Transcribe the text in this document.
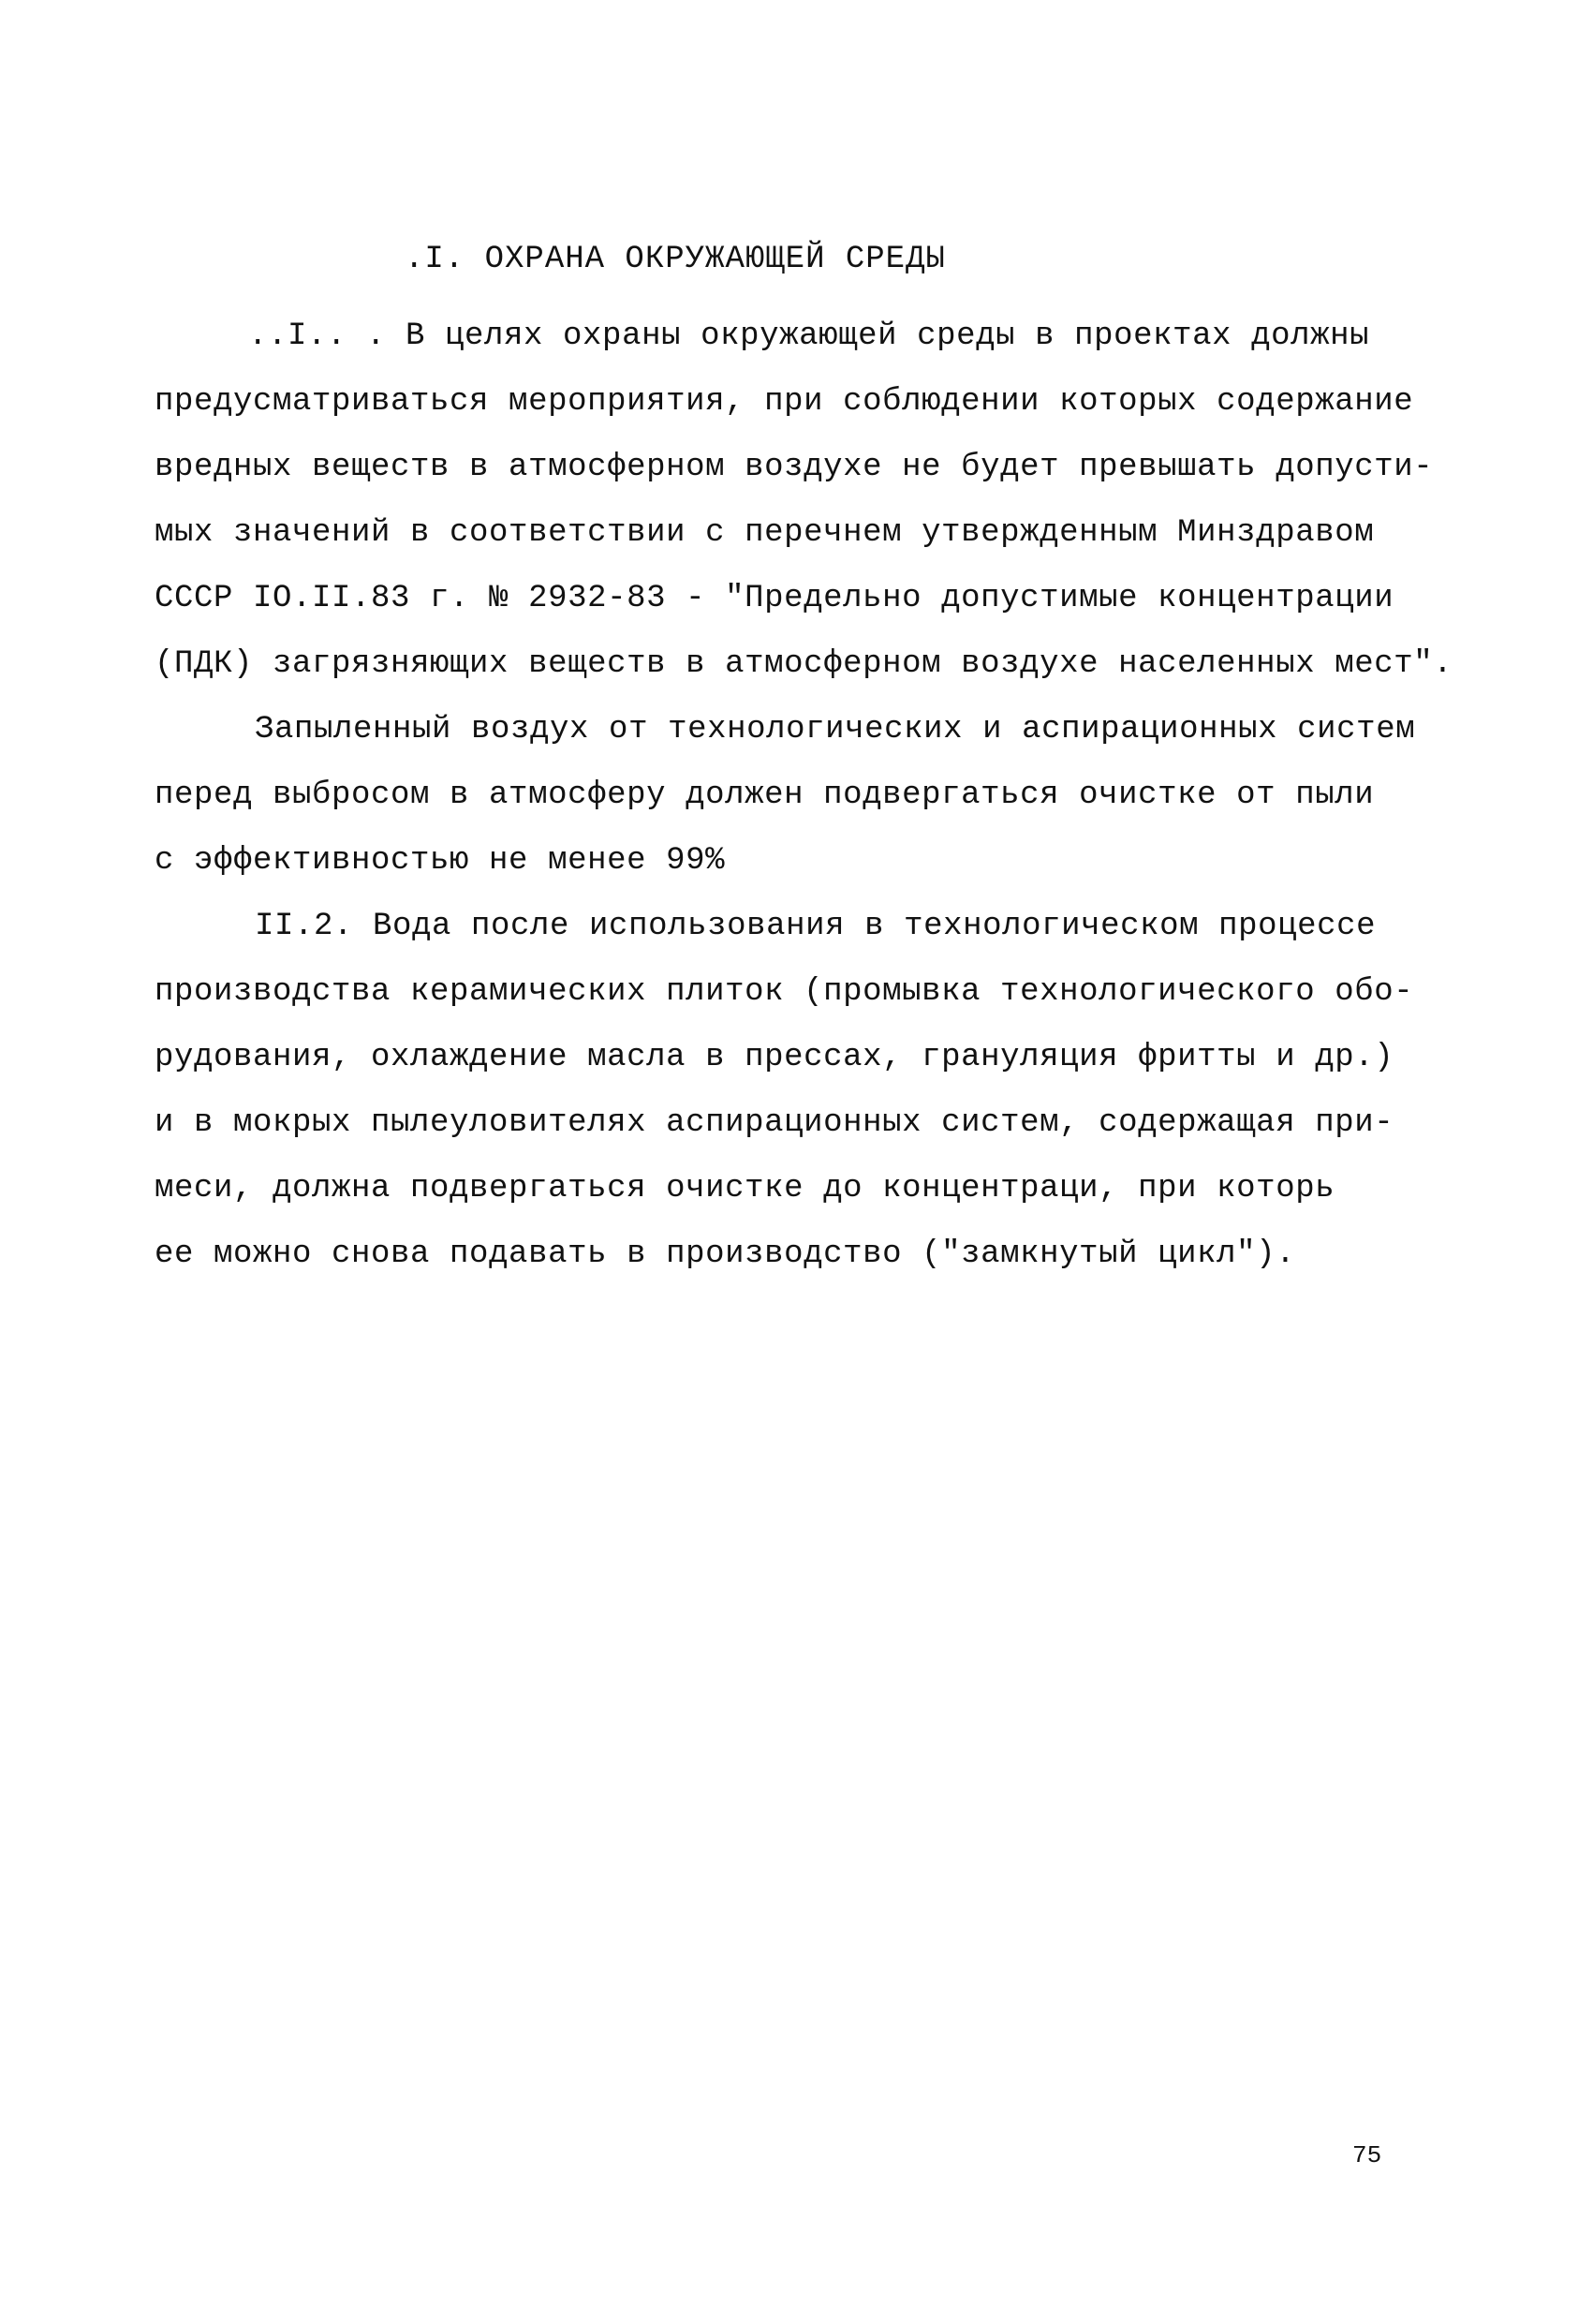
.I. ОХРАНА ОКРУЖАЮЩЕЙ СРЕДЫ
..I.. . В целях охраны окружающей среды в проектах должны
предусматриваться мероприятия, при соблюдении которых содержание
вредных веществ в атмосферном воздухе не будет превышать допусти-
мых значений в соответствии с перечнем утвержденным Минздравом
СССР IO.II.83 г. № 2932-83 - "Предельно допустимые концентрации
(ПДК) загрязняющих веществ в атмосферном воздухе населенных мест".
Запыленный воздух от технологических и аспирационных систем
перед выбросом в атмосферу должен подвергаться очистке от пыли
с эффективностью не менее 99%
II.2. Вода после использования в технологическом процессе
производства керамических плиток (промывка технологического обо-
рудования, охлаждение масла в прессах, грануляция фритты и др.)
и в мокрых пылеуловителях аспирационных систем, содержащая при-
меси, должна подвергаться очистке до концентраци, при которь
ее можно снова подавать в производство ("замкнутый цикл").
75
